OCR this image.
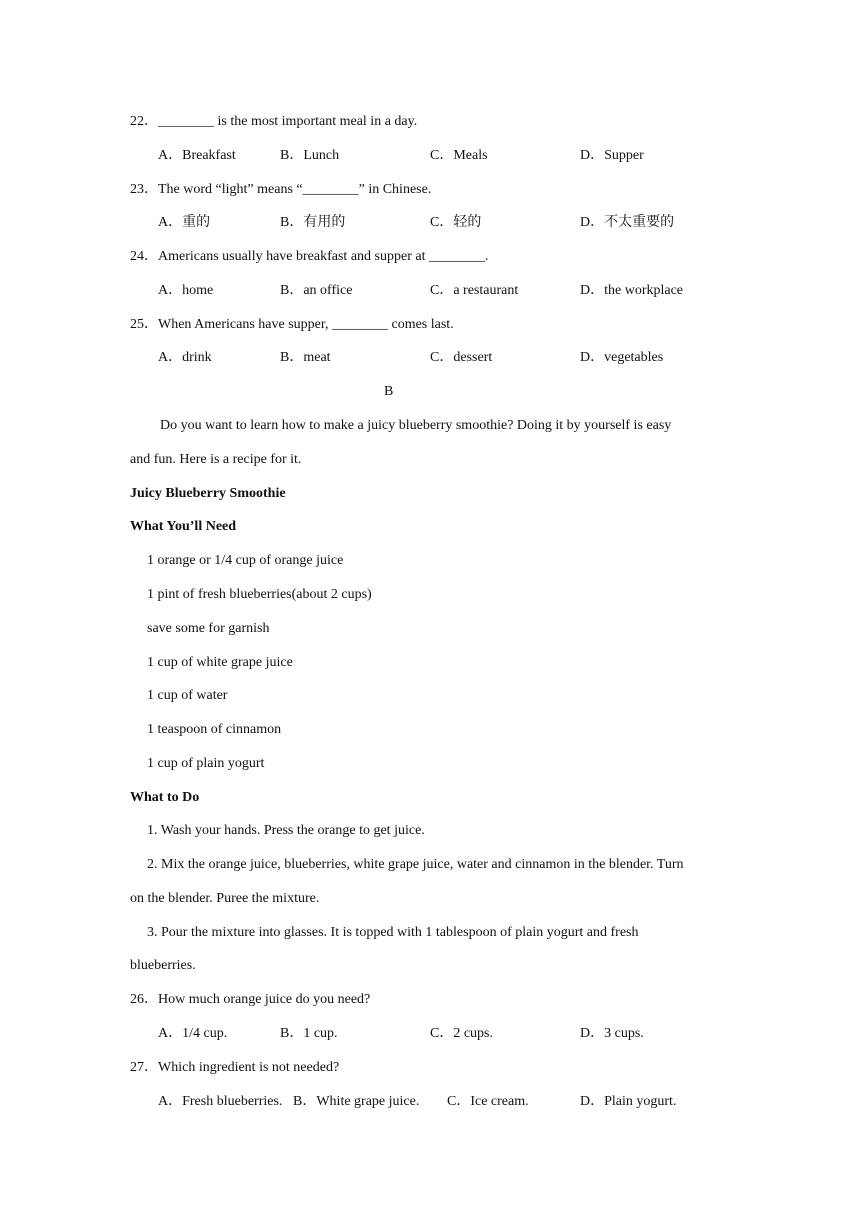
22．________ is the most important meal in a day.
A．Breakfast	B．Lunch	C．Meals	D．Supper
23．The word “light” means “________” in Chinese.
A．重的	B．有用的	C．轻的	D．不太重要的
24．Americans usually have breakfast and supper at ________.
A．home	B．an office	C．a restaurant	D．the workplace
25．When Americans have supper, ________ comes last.
A．drink	B．meat	C．dessert	D．vegetables
B
Do you want to learn how to make a juicy blueberry smoothie? Doing it by yourself is easy
and fun. Here is a recipe for it.
Juicy Blueberry Smoothie
What You’ll Need
1 orange or 1/4 cup of orange juice
1 pint of fresh blueberries(about 2 cups)
save some for garnish
1 cup of white grape juice
1 cup of water
1 teaspoon of cinnamon
1 cup of plain yogurt
What to Do
1. Wash your hands. Press the orange to get juice.
2. Mix the orange juice, blueberries, white grape juice, water and cinnamon in the blender. Turn
on the blender. Puree the mixture.
3. Pour the mixture into glasses. It is topped with 1 tablespoon of plain yogurt and fresh
blueberries.
26．How much orange juice do you need?
A．1/4 cup.	B．1 cup.	C．2 cups.	D．3 cups.
27．Which ingredient is not needed?
A．Fresh blueberries. B．White grape juice. C．Ice cream.	D．Plain yogurt.
